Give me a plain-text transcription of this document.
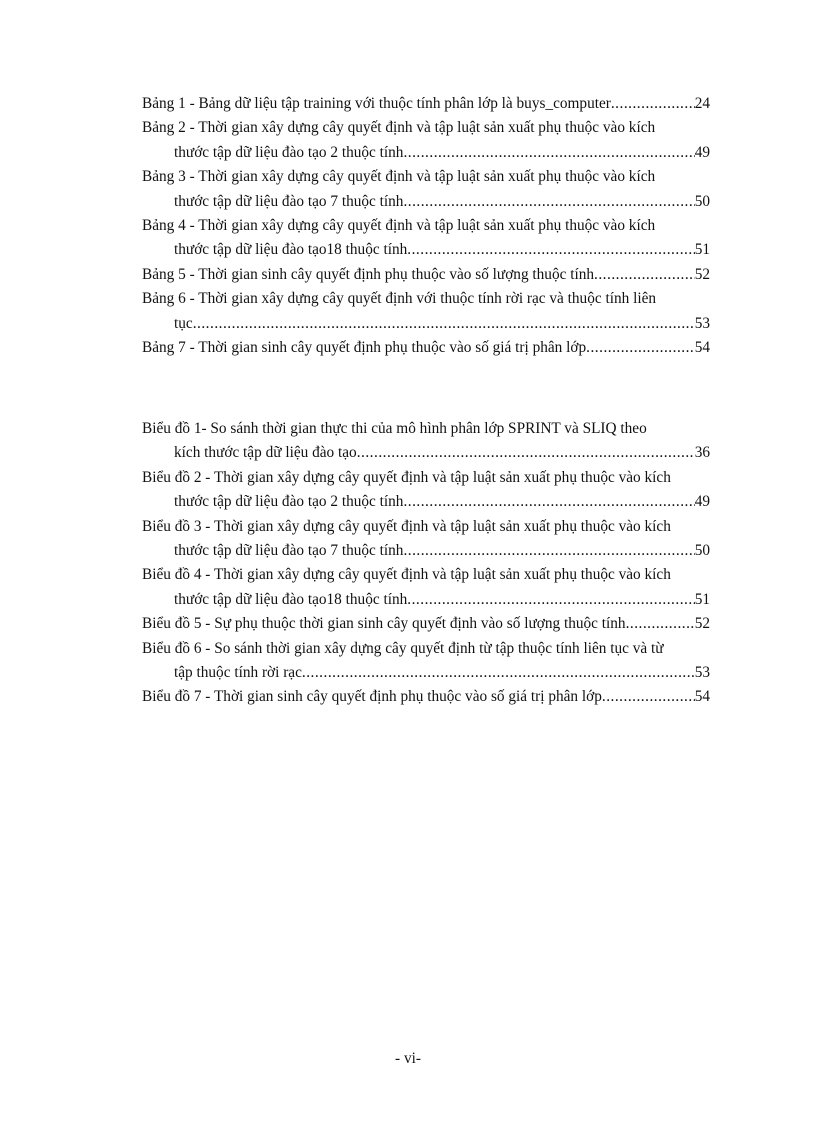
Bảng 1 - Bảng dữ liệu tập training với thuộc tính phân lớp là buys_computer .....	24
Bảng 2 - Thời gian xây dựng cây quyết định và tập luật sản xuất phụ thuộc vào kích
thước tập dữ liệu đào tạo 2 thuộc tính .....	49
Bảng 3 - Thời gian xây dựng cây quyết định và tập luật sản xuất phụ thuộc vào kích
thước tập dữ liệu đào tạo 7 thuộc tính .....	50
Bảng 4 - Thời gian xây dựng cây quyết định và tập luật sản xuất phụ thuộc vào kích
thước tập dữ liệu đào tạo18 thuộc tính .....	51
Bảng 5 - Thời gian sinh cây quyết định phụ thuộc vào số lượng thuộc tính .....	52
Bảng 6 - Thời gian xây dựng cây quyết định với thuộc tính rời rạc và thuộc tính liên
tục .....	53
Bảng 7 - Thời gian sinh cây quyết định phụ thuộc vào số giá trị phân lớp .....	54
Biểu đồ 1- So sánh thời gian thực thi của mô hình phân lớp SPRINT và SLIQ theo
kích thước tập dữ liệu đào tạo .....	36
Biểu đồ 2 - Thời gian xây dựng cây quyết định và tập luật sản xuất phụ thuộc vào kích
thước tập dữ liệu đào tạo 2 thuộc tính .....	49
Biểu đồ 3 - Thời gian xây dựng cây quyết định và tập luật sản xuất phụ thuộc vào kích
thước tập dữ liệu đào tạo 7 thuộc tính .....	50
Biểu đồ 4 - Thời gian xây dựng cây quyết định và tập luật sản xuất phụ thuộc vào kích
thước tập dữ liệu đào tạo18 thuộc tính .....	51
Biểu đồ 5 - Sự phụ thuộc thời gian sinh cây quyết định vào số lượng thuộc tính .....	52
Biểu đồ 6 - So sánh thời gian xây dựng cây quyết định từ tập thuộc tính liên tục và từ
tập thuộc tính rời rạc .....	53
Biểu đồ 7 - Thời gian sinh cây quyết định phụ thuộc vào số giá trị phân lớp .....	54
- vi-
